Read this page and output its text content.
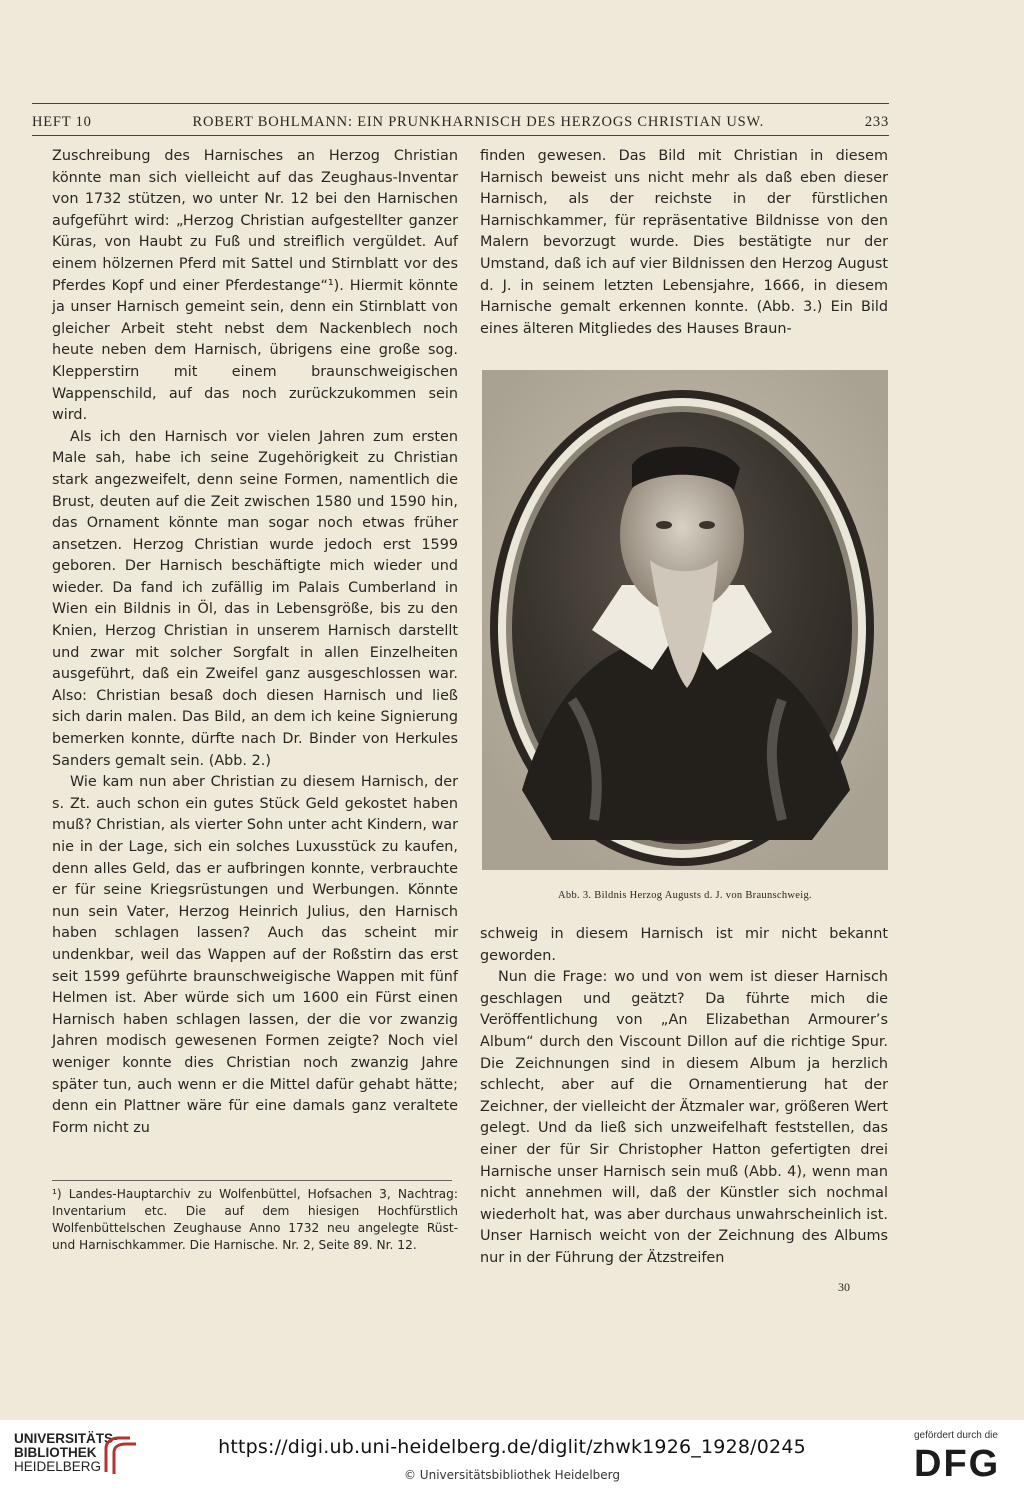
HEFT 10	ROBERT BOHLMANN: EIN PRUNKHARNISCH DES HERZOGS CHRISTIAN USW.	233

Zuschreibung des Harnisches an Herzog Christian könnte man sich vielleicht auf das Zeughaus-Inventar von 1732 stützen, wo unter Nr. 12 bei den Harnischen aufgeführt wird: „Herzog Christian aufgestellter ganzer Küras, von Haubt zu Fuß und streiflich vergüldet. Auf einem hölzernen Pferd mit Sattel und Stirnblatt vor des Pferdes Kopf und einer Pferdestange“¹). Hiermit könnte ja unser Harnisch gemeint sein, denn ein Stirnblatt von gleicher Arbeit steht nebst dem Nackenblech noch heute neben dem Harnisch, übrigens eine große sog. Klepperstirn mit einem braunschweigischen Wappenschild, auf das noch zurückzukommen sein wird.

Als ich den Harnisch vor vielen Jahren zum ersten Male sah, habe ich seine Zugehörigkeit zu Christian stark angezweifelt, denn seine Formen, namentlich die Brust, deuten auf die Zeit zwischen 1580 und 1590 hin, das Ornament könnte man sogar noch etwas früher ansetzen. Herzog Christian wurde jedoch erst 1599 geboren. Der Harnisch beschäftigte mich wieder und wieder. Da fand ich zufällig im Palais Cumberland in Wien ein Bildnis in Öl, das in Lebensgröße, bis zu den Knien, Herzog Christian in unserem Harnisch darstellt und zwar mit solcher Sorgfalt in allen Einzelheiten ausgeführt, daß ein Zweifel ganz ausgeschlossen war. Also: Christian besaß doch diesen Harnisch und ließ sich darin malen. Das Bild, an dem ich keine Signierung bemerken konnte, dürfte nach Dr. Binder von Herkules Sanders gemalt sein. (Abb. 2.)

Wie kam nun aber Christian zu diesem Harnisch, der s. Zt. auch schon ein gutes Stück Geld gekostet haben muß? Christian, als vierter Sohn unter acht Kindern, war nie in der Lage, sich ein solches Luxusstück zu kaufen, denn alles Geld, das er aufbringen konnte, verbrauchte er für seine Kriegsrüstungen und Werbungen. Könnte nun sein Vater, Herzog Heinrich Julius, den Harnisch haben schlagen lassen? Auch das scheint mir undenkbar, weil das Wappen auf der Roßstirn das erst seit 1599 geführte braunschweigische Wappen mit fünf Helmen ist. Aber würde sich um 1600 ein Fürst einen Harnisch haben schlagen lassen, der die vor zwanzig Jahren modisch gewesenen Formen zeigte? Noch viel weniger konnte dies Christian noch zwanzig Jahre später tun, auch wenn er die Mittel dafür gehabt hätte; denn ein Plattner wäre für eine damals ganz veraltete Form nicht zu

¹) Landes-Hauptarchiv zu Wolfenbüttel, Hofsachen 3, Nachtrag: Inventarium etc. Die auf dem hiesigen Hochfürstlich Wolfenbüttelschen Zeughause Anno 1732 neu angelegte Rüst- und Harnischkammer. Die Harnische. Nr. 2, Seite 89. Nr. 12.

finden gewesen. Das Bild mit Christian in diesem Harnisch beweist uns nicht mehr als daß eben dieser Harnisch, als der reichste in der fürstlichen Harnischkammer, für repräsentative Bildnisse von den Malern bevorzugt wurde. Dies bestätigte nur der Umstand, daß ich auf vier Bildnissen den Herzog August d. J. in seinem letzten Lebensjahre, 1666, in diesem Harnische gemalt erkennen konnte. (Abb. 3.) Ein Bild eines älteren Mitgliedes des Hauses Braun-

Abb. 3. Bildnis Herzog Augusts d. J. von Braunschweig.

schweig in diesem Harnisch ist mir nicht bekannt geworden.

Nun die Frage: wo und von wem ist dieser Harnisch geschlagen und geätzt? Da führte mich die Veröffentlichung von „An Elizabethan Armourer’s Album“ durch den Viscount Dillon auf die richtige Spur. Die Zeichnungen sind in diesem Album ja herzlich schlecht, aber auf die Ornamentierung hat der Zeichner, der vielleicht der Ätzmaler war, größeren Wert gelegt. Und da ließ sich unzweifelhaft feststellen, das einer der für Sir Christopher Hatton gefertigten drei Harnische unser Harnisch sein muß (Abb. 4), wenn man nicht annehmen will, daß der Künstler sich nochmal wiederholt hat, was aber durchaus unwahrscheinlich ist. Unser Harnisch weicht von der Zeichnung des Albums nur in der Führung der Ätzstreifen

30
UNIVERSITÄTS-
BIBLIOTHEK
HEIDELBERG
https://digi.ub.uni-heidelberg.de/diglit/zhwk1926_1928/0245
© Universitätsbibliothek Heidelberg
gefördert durch die
DFG
